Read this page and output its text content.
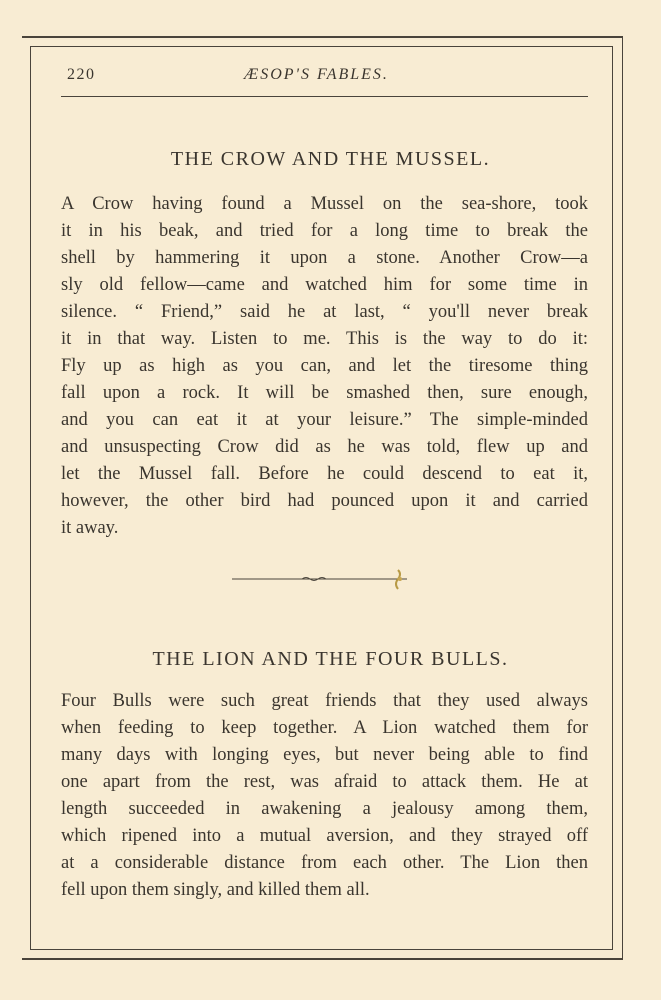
220	ÆSOP'S FABLES.
THE CROW AND THE MUSSEL.
A Crow having found a Mussel on the sea-shore, took
it in his beak, and tried for a long time to break the
shell by hammering it upon a stone. Another Crow—a
sly old fellow—came and watched him for some time in
silence. “ Friend,” said he at last, “ you'll never break
it in that way. Listen to me. This is the way to do it:
Fly up as high as you can, and let the tiresome thing
fall upon a rock. It will be smashed then, sure enough,
and you can eat it at your leisure.” The simple-minded
and unsuspecting Crow did as he was told, flew up and
let the Mussel fall. Before he could descend to eat it,
however, the other bird had pounced upon it and carried
it away.
THE LION AND THE FOUR BULLS.
Four Bulls were such great friends that they used always
when feeding to keep together. A Lion watched them for
many days with longing eyes, but never being able to find
one apart from the rest, was afraid to attack them. He at
length succeeded in awakening a jealousy among them,
which ripened into a mutual aversion, and they strayed off
at a considerable distance from each other. The Lion then
fell upon them singly, and killed them all.
